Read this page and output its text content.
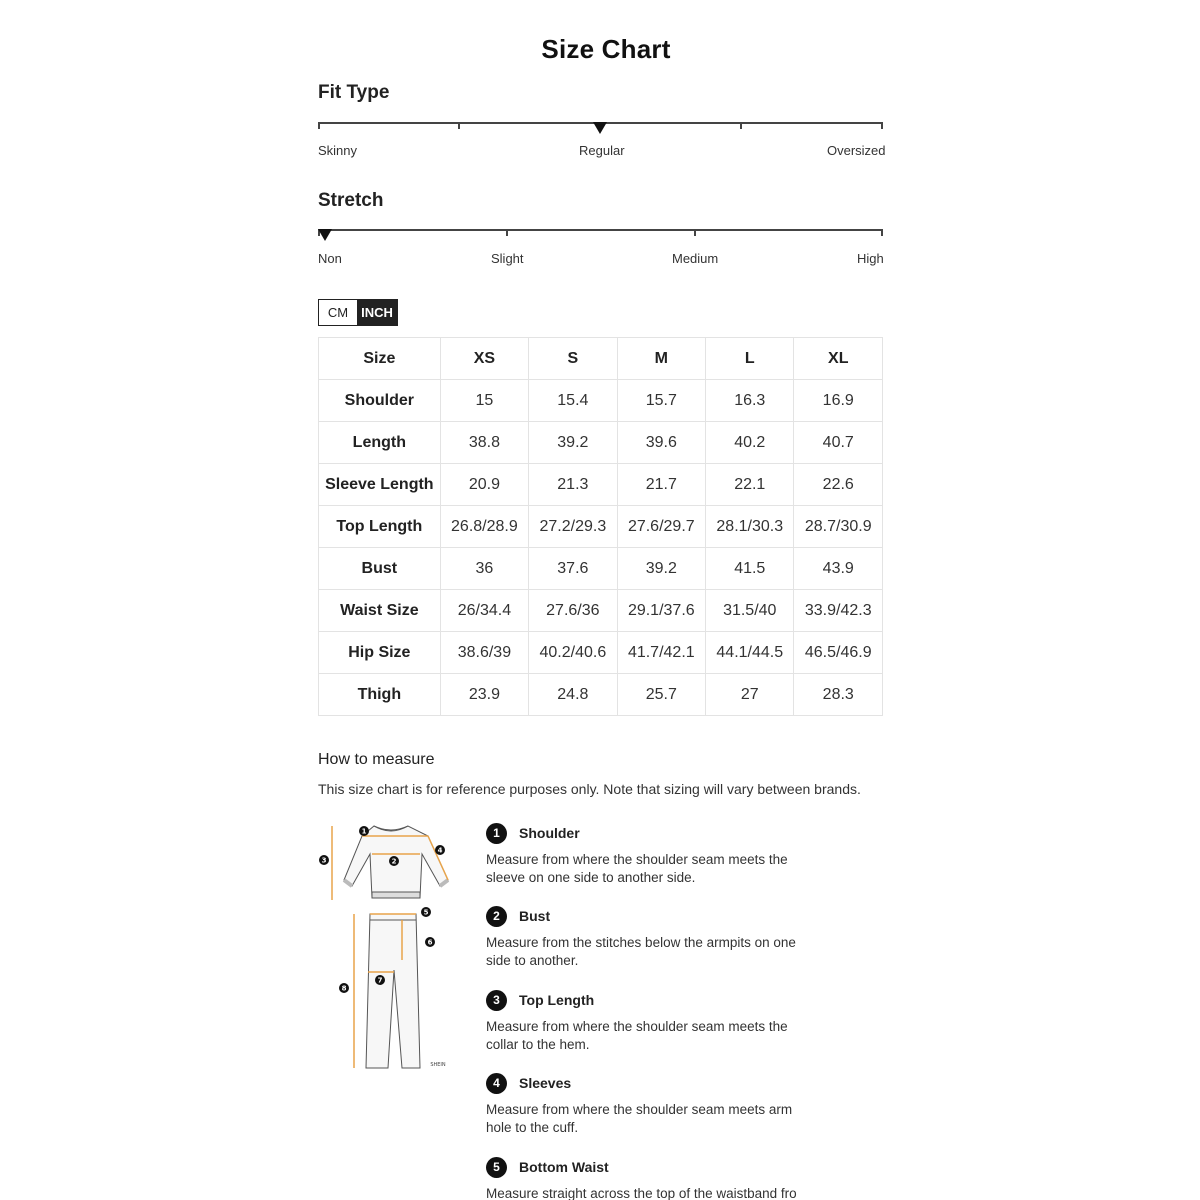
Size Chart
Fit Type
Skinny	Regular	Oversized
Stretch
Non	Slight	Medium	High
CM	INCH
Size	XS	S	M	L	XL
Shoulder	15	15.4	15.7	16.3	16.9
Length	38.8	39.2	39.6	40.2	40.7
Sleeve Length	20.9	21.3	21.7	22.1	22.6
Top Length	26.8/28.9	27.2/29.3	27.6/29.7	28.1/30.3	28.7/30.9
Bust	36	37.6	39.2	41.5	43.9
Waist Size	26/34.4	27.6/36	29.1/37.6	31.5/40	33.9/42.3
Hip Size	38.6/39	40.2/40.6	41.7/42.1	44.1/44.5	46.5/46.9
Thigh	23.9	24.8	25.7	27	28.3
How to measure
This size chart is for reference purposes only. Note that sizing will vary between brands.
1
2
3
4
5
6
7
8
SHEIN
1	Shoulder
Measure from where the shoulder seam meets the sleeve on one side to another side.
2	Bust
Measure from the stitches below the armpits on one side to another.
3	Top Length
Measure from where the shoulder seam meets the collar to the hem.
4	Sleeves
Measure from where the shoulder seam meets arm hole to the cuff.
5	Bottom Waist
Measure straight across the top of the waistband fro
